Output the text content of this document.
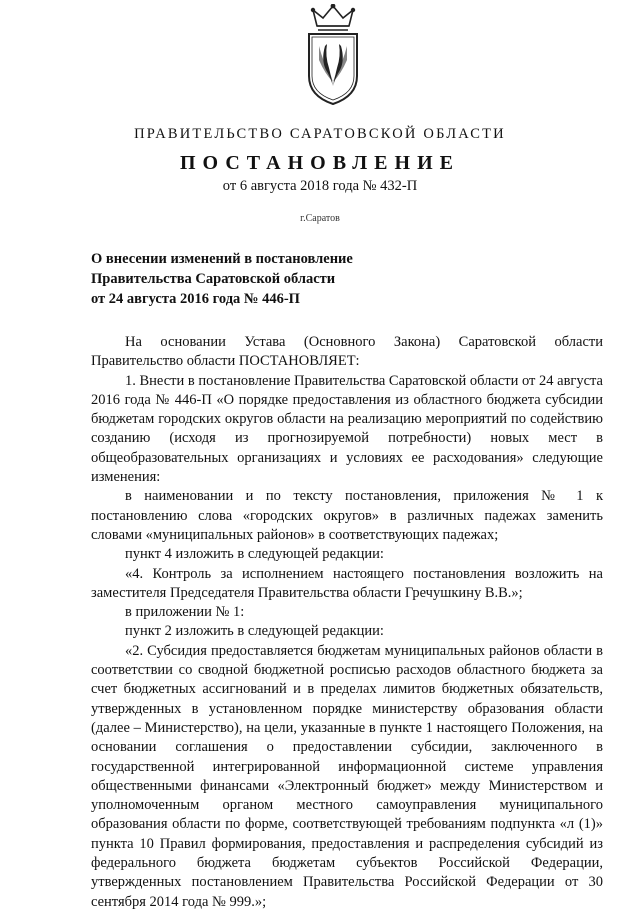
ПРАВИТЕЛЬСТВО САРАТОВСКОЙ ОБЛАСТИ
ПОСТАНОВЛЕНИЕ
от 6 августа 2018 года № 432-П
г.Саратов
О внесении изменений в постановление
Правительства Саратовской области
от 24 августа 2016 года № 446-П

На основании Устава (Основного Закона) Саратовской области Правительство области ПОСТАНОВЛЯЕТ:

1. Внести в постановление Правительства Саратовской области от 24 августа 2016 года № 446-П «О порядке предоставления из областного бюджета субсидии бюджетам городских округов области на реализацию мероприятий по содействию созданию (исходя из прогнозируемой потребности) новых мест в общеобразовательных организациях и условиях ее расходования» следующие изменения:

в наименовании и по тексту постановления, приложения № 1 к постановлению слова «городских округов» в различных падежах заменить словами «муниципальных районов» в соответствующих падежах;

пункт 4 изложить в следующей редакции:

«4. Контроль за исполнением настоящего постановления возложить на заместителя Председателя Правительства области Гречушкину В.В.»;

в приложении № 1:

пункт 2 изложить в следующей редакции:

«2. Субсидия предоставляется бюджетам муниципальных районов области в соответствии со сводной бюджетной росписью расходов областного бюджета за счет бюджетных ассигнований и в пределах лимитов бюджетных обязательств, утвержденных в установленном порядке министерству образования области (далее – Министерство), на цели, указанные в пункте 1 настоящего Положения, на основании соглашения о предоставлении субсидии, заключенного в государственной интегрированной информационной системе управления общественными финансами «Электронный бюджет» между Министерством и уполномоченным органом местного самоуправления муниципального образования области по форме, соответствующей требованиям подпункта «л (1)» пункта 10 Правил формирования, предоставления и распределения субсидий из федерального бюджета бюджетам субъектов Российской Федерации, утвержденных постановлением Правительства Российской Федерации от 30 сентября 2014 года № 999.»;
